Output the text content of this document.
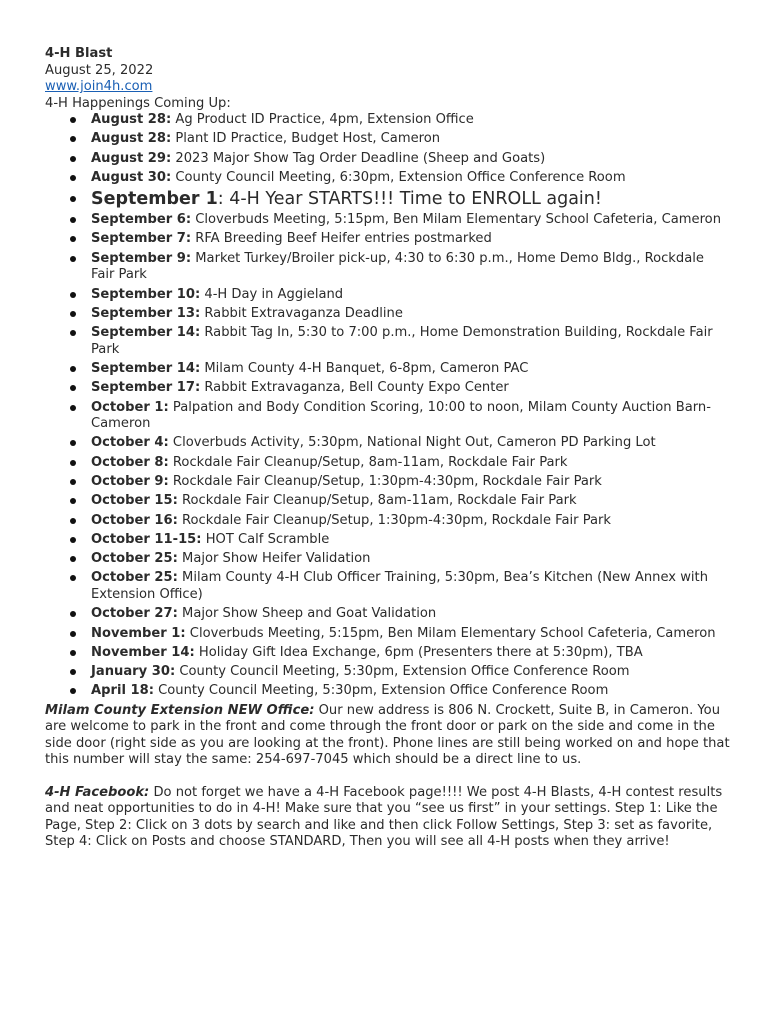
4-H Blast
August 25, 2022
www.join4h.com
4-H Happenings Coming Up:
August 28: Ag Product ID Practice, 4pm, Extension Office
August 28: Plant ID Practice, Budget Host, Cameron
August 29: 2023 Major Show Tag Order Deadline (Sheep and Goats)
August 30: County Council Meeting, 6:30pm, Extension Office Conference Room
September 1: 4-H Year STARTS!!! Time to ENROLL again!
September 6: Cloverbuds Meeting, 5:15pm, Ben Milam Elementary School Cafeteria, Cameron
September 7: RFA Breeding Beef Heifer entries postmarked
September 9: Market Turkey/Broiler pick-up, 4:30 to 6:30 p.m., Home Demo Bldg., Rockdale Fair Park
September 10: 4-H Day in Aggieland
September 13: Rabbit Extravaganza Deadline
September 14: Rabbit Tag In, 5:30 to 7:00 p.m., Home Demonstration Building, Rockdale Fair Park
September 14: Milam County 4-H Banquet, 6-8pm, Cameron PAC
September 17: Rabbit Extravaganza, Bell County Expo Center
October 1: Palpation and Body Condition Scoring, 10:00 to noon, Milam County Auction Barn- Cameron
October 4: Cloverbuds Activity, 5:30pm, National Night Out, Cameron PD Parking Lot
October 8: Rockdale Fair Cleanup/Setup, 8am-11am, Rockdale Fair Park
October 9: Rockdale Fair Cleanup/Setup, 1:30pm-4:30pm, Rockdale Fair Park
October 15: Rockdale Fair Cleanup/Setup, 8am-11am, Rockdale Fair Park
October 16: Rockdale Fair Cleanup/Setup, 1:30pm-4:30pm, Rockdale Fair Park
October 11-15: HOT Calf Scramble
October 25: Major Show Heifer Validation
October 25: Milam County 4-H Club Officer Training, 5:30pm, Bea’s Kitchen (New Annex with Extension Office)
October 27: Major Show Sheep and Goat Validation
November 1: Cloverbuds Meeting, 5:15pm, Ben Milam Elementary School Cafeteria, Cameron
November 14: Holiday Gift Idea Exchange, 6pm (Presenters there at 5:30pm), TBA
January 30: County Council Meeting, 5:30pm, Extension Office Conference Room
April 18: County Council Meeting, 5:30pm, Extension Office Conference Room

Milam County Extension NEW Office: Our new address is 806 N. Crockett, Suite B, in Cameron. You are welcome to park in the front and come through the front door or park on the side and come in the side door (right side as you are looking at the front). Phone lines are still being worked on and hope that this number will stay the same: 254-697-7045 which should be a direct line to us.

4-H Facebook: Do not forget we have a 4-H Facebook page!!!! We post 4-H Blasts, 4-H contest results and neat opportunities to do in 4-H! Make sure that you “see us first” in your settings. Step 1: Like the Page, Step 2: Click on 3 dots by search and like and then click Follow Settings, Step 3: set as favorite, Step 4: Click on Posts and choose STANDARD, Then you will see all 4-H posts when they arrive!
